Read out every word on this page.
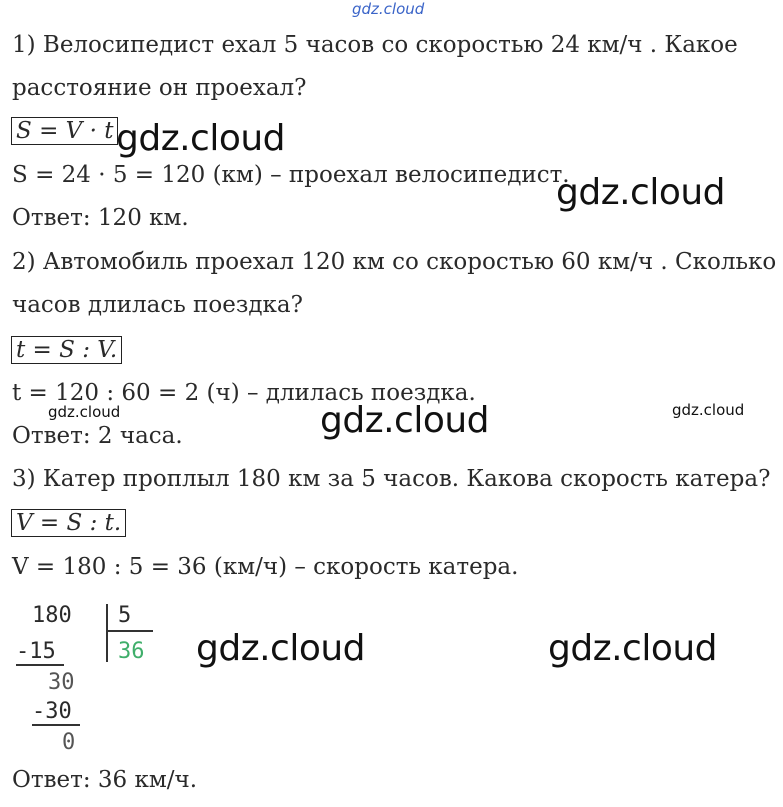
gdz.cloud
1) Велосипедист ехал 5 часов со скоростью 24 км/ч . Какое
расстояние он проехал?
S = V · t
S = 24 · 5 = 120 (км) – проехал велосипедист.
Ответ: 120 км.
2) Автомобиль проехал 120 км со скоростью 60 км/ч . Сколько
часов длилась поездка?
t = S : V.
t = 120 : 60 = 2 (ч) – длилась поездка.
Ответ: 2 часа.
3) Катер проплыл 180 км за 5 часов. Какова скорость катера?
V = S : t.
V = 180 : 5 = 36 (км/ч) – скорость катера.
180 5
36
-15
30
-30
0
Ответ: 36 км/ч.
gdz.cloud
gdz.cloud
gdz.cloud	gdz.cloud	gdz.cloud
gdz.cloud	gdz.cloud
